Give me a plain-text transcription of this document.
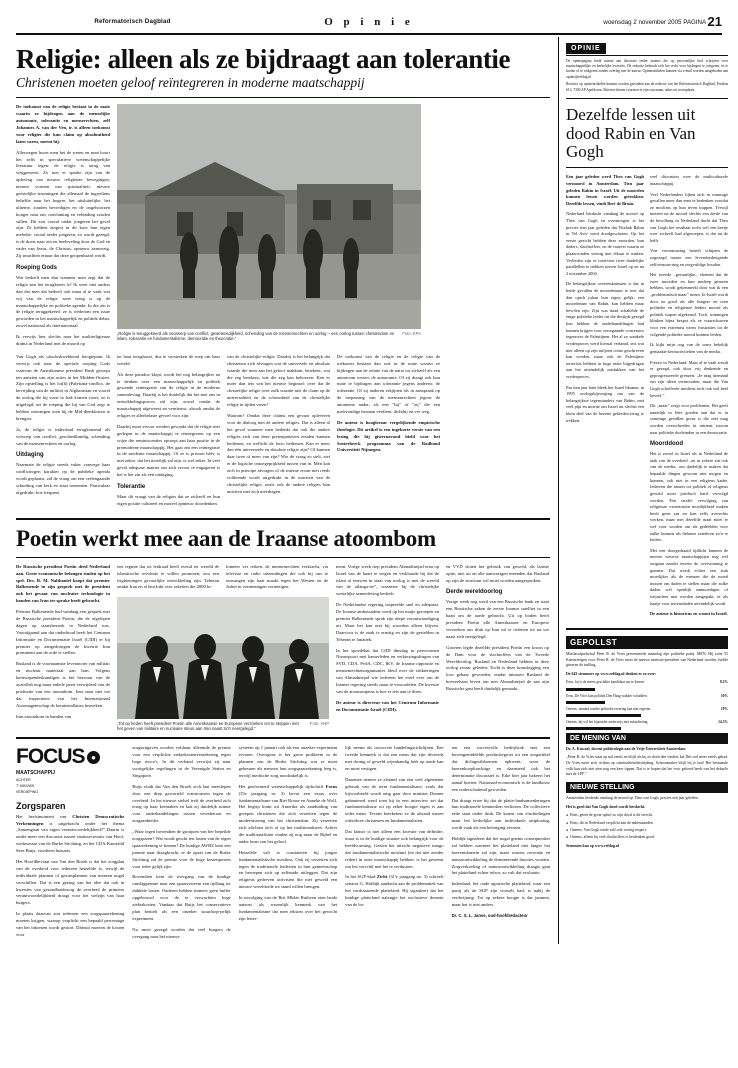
Reformatorisch Dagblad	O p i n i e	woensdag 2 november 2005 PAGINA 21
Religie: alleen als ze bijdraagt aan tolerantie
Christenen moeten geloof reïntegreren in moderne maatschappij

De toekomst van de religie bestaat in de mate waarin ze bijdragen aan de menselijke autonomie, tolerantie en menserechten, zelf Johannes A. van der Ven, ir. is alleen toekomst voor religies die kun claim op absoluutheid laten varen, meent hij.

Allerwegen hoort men het de weten en men hoort het zelfs in speculatieve wetenschappelijke literatuur tegen: de religie is terug van weggeweest. Zo non er sprake zijn van de opleving van nieuwe religieuze bewegingen, nieuwe vormen van spiritualiteit, nieuwe geestelijke stromingen die allemaal de ingrediens behelfte naar het hogere, het uitsluitelijke, het ultieme, zouden bevredigen en de ongehoorzen honger naar zin, ontvlaming en vebinding zouden stillen. Dit zou vooral onder jongeren het geval zijn. Ze hebben zingest in dit koor hun eigen melodie: vooral onder jongeren, zo wordt gezegd, is de doest naar zin en beeleveling door de God en vader van Jezus, de Christus, opnieuw aanwezig. Zij smachten ernaar dat deze geopenbaard wordt.

Roeping Gods

Wat bedoelt men dan wanneer men zegt dat de religie aan het terugkeren is? Ik weet niet anders dan dat men dat bedoelt ook maar al te vaak wat wij van de religie weer terug is op de maatschappelijke en politieke agenda. In die zin is de religie teruggekeerd: ze is wederom een issue geworden in het maatschappelijk en politiek debat, zowel nationaal als internationaal.

Ik verwijs hier slechts naar het multireligieuze drama in Nederland met de moord op

„Religie is teruggekeerd als voorwerp van conflict, gewetensdijkheid, schending van de mensenrechten en oorlog – een oorlog tussen christendom en islam, tolerantie en fundamentalisme, democratie en theocratie.”
Foto: EPA

Van Gogh als uitschrikwekkend hoogtepunt. Ik verwijs ook naar de speciale roeping Gods waarvan de Amerikaanse president Bush geroept ten aanzien van zijn acties in het Midden-Oosten. Zijn opstelling is het lot(h) (Palestina-conflict, de bevrijding van de militia) in Afghanistan en vooral de oorlog die hij voert in Irak komen voort, zo is uitgelegd, uit de roeping die hij van God zegt te hebben ontvangen toen hij de Mid-dienklosten te brengen.

Ja, de religie is inderdaad terugkomend als vorwerp van conflict, geschiedkundig, schending van de mensenrechten en oorlog.

Uitdaging

Naarmate de religie steeds vaker vanwege haar conflictrogen karakter op de publieke agenda wordt geplaatst, zal de vraag om een verlengaande schuiding van kerk en staat toenemen. Particulaar afgedrukt: hoe frequent

ter haar terughoort, dus te versterken de roep om haar wereld.

Als deze paradox klopt, wordt het nog belangrijker na te denken over een maatschappelijk en politiek gewande reintegratie van de religie in de moderne samenleving. Daarbij is het duidelijk dat het met ons in ontwikkelingsproces zal zijn, zowel omdat de maatschappij afgeweest en vernieuwt, alsook omdat de religies er allerbelaste gevoel voor zijn.

Daarbij moet ervoor worden gewaakt dat de religie niet gedegen in de maatschappij te reintegreren op een wijze die reminiscenties oproept aan haar positie in de premoderne maatschappij. Het gaat om een reintegratie in de moderne maatschappij. Of ze is prisoon héér, is niet zeker: dat het moeilijk zal zijn, is wel zeker. In veel geval adequate manier om zich ervoor te engageren is het is het zin als een uitdaging.

Tolerantie

Maar dit vraagt van de religies dat ze zichzelf en hun eigen positie cultureel en moreel opnieuw doordenken.

van de christelijke religie. Daarbij is het belangrijk dat christenen zich afvragen wat de universele en absolute waarde die men aan het geloof makkent, betekent, wat die zeg betekent, wat die zeg kan behoeven. Ken er moer dan iets van het nieuwe beginsel: over dat de christelijke religie over zulk waarde niet de claim op de universaliteit en de schoonheid van de christelijke religie in tijden varen?

Waarom? Omdat deze claims een gevaar opleveren voor de dialoog met de andere religies. Dat is alleen al het geval wanneer men bedenkt dat ook die andere religies zich van deze pretenpatieven zouden kunnen bedienen, en wellicht de facto bedienen. Kan er meer dan één universeele en absolute religie zijn? Of kunnen daar twee of meer van zijn? Wie de vraag zo stelt, ziet er de logische ontoegeprijkheid tussen van in. Men kan zich in principe afvragen of de interne ervan niet reeds voldoende wordt uitgedrukt in de uniciteit van de christelijke religie, zoals ook de andere religies hún uniciteit met zich meedragen.

De toekomst van de religie en de religie van de toekomst bestaan dan ook in de mate waarin ze bijdragen aan de relatie van de natio tot zichzelf als een autonoom wezen: de autonomie. Of zij draagt ook hun mate te bijdragen aan tolerantie jegens anderen: de tolerantie. Of zij anderen erkjijnen als in aanspraak op de toepassing van de mensenrechten jegens de anonieme ander, als een "hij" of "zij" die een metrvoudige bestaan verdient, dichtbij en ver weg.

De auteur is hoogleraar vergelijkende empirische theologie. Dit artikel is een ingekorte versie van een lezing die hij gisternavond hield voor het Soeterbeeck programma van de Radboud Universiteit Nijmegen.

Poetin werkt mee aan de Iraanse atoombom

De Russische president Poetin deed Nederland aan. Grote economische belangen sinden op het spel. Drs. R. M. Nalthaniel koopt dat premier Balkenende in zijn gesprek met de president ook het gevaar van nucleaire technologie in handen van Iran ter sprake heeft gebracht.

Premier Balkenende had vandaag een gesprek met de Russische president Poetin, die de afgelopen dagen op staatsbezoek in Nederland was. Voorafgaand aan dat onderhoud heeft het Centrum Informatie en Documentatie Israël (CIDI) er bij premier op aangedrongen de kwestie Iran prominent aan de orde te stellen.

Rusland is de voornaamste leverancier van militair en nucleair materiaal aan Iran. Volgens kernwapendeskundigen is het bezwaar van de ayatollah nog maar enkele jaren verwijderd van de productie van een atoombom. Iran staat niet toe dat inspecteurs van het Internationaal Atoomagentschap de kerninstallaties bezoeken.

Iran atoombom in handen van

een regime dat tot leidraad heeft overal ter wereld de islamitische revolutie te willen promoten, zou een frighteningen gevaarlijke ontwikkeling zijn. Teheran omdat Iran en al beschikt over raketten die 2000 ki-

lometer ver reiken, de mensenrechten verkracht, via televisie en radio uitzendingen die ook bij ons te ontvangen zijn haat maakt tegen het Westen en de Joden in vermeningen vernietigen.

„Tot op heden heeft president Poetin alle Amerikaanse en Europese verzoeken om te stoppen met het geven van militaire en nucleaire steun aan Iran naast zich neergelegd.”
Foto: ANP

ment. Vorige week riep president Ahmadinejad erna op Israel van de kaart te wegen en verklaarde hij dat de islam al eeuwen in staat van oorlog is met de wereld van de atlanga-tie”, waarmee hij de christelijke westelijke samenleving bedoelt.

De Nederlandse regering inspreelde snel en adequaat. De Iraanse ambassadeur werd op het matje geroepen en premier Balkenende sprak zijn diepe verontwaardiging uit. Maar het kan niet bij woorden alleen blijven. Daarvoor is de zaak te ernstig en zijn de gestelden in Teheran te fanatiek.

In het spoedebat dat CIDI dinsdag in persvormen Nieuwpoort met kamerleden en verkiezingsdrugen van SVD, CDA, PvdA, CDC, IKV, de Iraanse oppositie en mensenrechtenorganisaties bleid over de strikteringen van Ahmadinejad wie iedereen het ereel over om de Iraanse regering steeds maar te veroordelen. De kwestie van de atoomwapens is hoe er iets aan te doen.

De auteur is directeur van het Centrum Informatie en Documentatie Israël (CIDI).

en VVD sloten het gebruik van geweld, als laatste optie, niet uit en alle aanwezigen meenden dat Rusland op zijn de structuur wil moet worden aangesproken.

Derde wereldoorlog

Vorige week nog werd van een Russische bank en staat een Russische zaken de eerste Iraanse satelliet in een baan om de aarde gebracht. Uit op boden heeft president Poetin alle Amerikaanse en Europese verzoeken om druk op Iran uit te oefenen tot nu toe naast zich neergelegd.

Gisteren legde dezelfde president Poetin een kroon op de Dam voor de slachtoffers van de Tweede Wereldoorlog. Rusland en Nederland hebben in deze oorlog zwaar geleden. Tocht is deze kranslegging een loos gebaar geworden, omdat intussen Rusland de hoeveelsten levert om met Ahmadinejad de aan zijn Russische gast heeft duidelijk gemaakt.

FOCUS ●
MAATSCHAPPIJ
ACHTER
’T NIEUWS
VERDIEPING
Zorgsparen

Het herfstmoment van Christen Democratische Verkenningen is uitgebracht onder het thema „Samengaan van eigen verantwoordelijkheid?” Daarin is onder meer een discussie tussen staatssecretaris van Hoof, weduwnaar van de Burke Stichting, en het CDA-Kamerlid Sees Buijs, voorheen huisarts.

Het Hoofdbevraat van Van den Broek is dat het zorgplan van de overheid voor iedereen hetzelfde is, terwijl de individuale plannen of gezinsplannen van mensen nogal verschillen. Dat is een gezing van het idee dat ook in kwesties van gezondheidszorg de overheid de primaire verantwoordelijkheid draagt voor het welzijn van haar burgers.

In plaats daarvan zou iedereen een zorgspaarrekening moeten krijgen, waarop verplicht een bepaald percentage van het inkomen wordt gestort. Dááruit moeten de kosten voor

zorgsuitgaven worden voldaan, alleemde de premie voor een verplichte ziektekostenverzekering tegen hoge risico's. In dit verband verwijst zij naar soortgelijke regelingen in de Verenigde Staten en Singapore.

Buijs vindt dat Van den Broek zich laat meeslepen door een diep geworteld wantrouwen tegen de overheid. In het nieuwe stelsel treft de overheid zich terug op haar kerntaken en laat zij duidelijk ruimte voor onderhandelingen tussen verzekeraar en zorgaanbieder.

„Waar tegen bovendien de gronjoen van her bepeilde zorgsparen? Wat wordt gescht ten lasten van de eigen spaarrekening te komen? De huidige AWBZ kent een premie naar draagkracht, er de opzet van de Burke Stichting zal de premie voor de hoge kostenposten voor ieder gelijk zijn.

Bovendien kent de overgang van de huidige omslagpremie naar een spaarsysteem een tijdlang tot dubbele lasten. Ouderen hebben immers geen buffer opgebouwd voor de te verwachten hoge ziektekosten. Vandaar dat Buijs het conservatieve plan betitelt als een onzeker stuurloop-pelijk experiment.

Nu moet gezegd worden dat veel burgers de overgang naar het nieuwe

systeem op 1 januari ook als een onzeker experiment ervaren. Overigens is het grote probleem in de plannen van de Burke Stichting wat er moet gebeuren als mensen hun zorgspaarrekening leeg is, terwijl medische zorg noodzakelijk is.

Het geoformerd wetenschappelijk tijdschrift Focus (3'le jaargang nr. 3) bevat een essay over fundamentalisme van Riet Rouse en Anneke de Wolf. Het begrip komt uit Amerika als aanduiding van groepen christenen die zich verzetten tegen de modernisering van het christendom. Zij verzetten zich afichten zich af op het traditionalisten. Achter die traditionalisten vinden zij nog maar de Bijbel en ander bron van het geloof.

Hetzelfde valt te constateren bij jongse fundamentalistische moslims. Ook zij verzetten zich tegen de traditionele leidesten in hun gemeenschap en beroepen zich op zelfmade uitleggen. Dat zijn religieus gedreven activisten die met geweld een nieuwe wereldorde tot stand willen brengen.

In navolging van de Brit Mkkie Ruthven zien beide auteurs als wezenlijk kenmerk van het fundamentalisme dat men teksten over het gewicht zijn letter-

lijk neemt als oncocrete handelingsrichtlijnen. Een tweede kenmerk is dat een mens dat zijn decreeds met dwang of geweld wijenhandig héér op aarde kan en moet vestigen.

Daarmee nemen ze afstand van een veel algemener gebruik van de term fundamentalisme, zoals dat bijvoorbeeld wordt omg gaar door minister Donner gehanteerd werd toen hij in een interview zei dat fundamentalisme tot op zeker hoogte eigen is aan ieder mens. Tevens betekenen ze de afstand tussen orthodoxe christenen en fundamentalisten.

Dat laatste is niet alleen een kwestie van definitie, maar is in de huidige situatie ook belangrijk voor de beeldvorming. Gezien het uitzicht negatieve imago dat fundamentalistische moslims (en dat niet zonder reden) in onze maatschappij hebben, is het gewenst om het verschil met het te verduuren.

In het SGP-blad Zicht (31'e jaargang no. 3) schreeft senator G. Holdijk aandacht aan de problematiek van het verdraaizende platteland. Hij signaleert dat het huidige platteland nalangje het exclusieve domein van de bo-

ren een succesvolle bedrijfstak met een bovengemiddelde productiegroei tot een zorgartikel dat dichtgestbloemen opkwent, waar de boerenkoopkrachtige en daarmeed ook het determinatie discussief is. Etke hier jaar hakeert het aantal boeren. Nationaal-economisch is de landbouw een onderschattend geworden.

Dat draagt ertoe bij dat de platte-landsamenleringen hun traditionele kenmerken verliezen. De collectieve zede staat onder druk. De komst van vluchtelingen maar het kerkelijke aan individuele ontplooing, wordt vaak als een belonging ervaren.

Holdijk signaleert dat het nogal gnems consequenties zal hebben wanneer het platteland niet langer het boerenidomein zal zijn, maar wonen, recreatie en natuurontwikkeling de dominerende functies worden. Zorgverkoeling of natuurontwikkeling draagts gaat het platteland echter telsor, zo valt dat evoluatie.

Inderdaad, het oude agrarische platteland, waar een partij als de SGP zijn worsels had, is nabij de verdwijning. Tot op zekere hoogte is dat jammer, maar het is niet anders.

Dr. C. S. L. Janse, oud-hoofdredacteur

OPINIE

De opiniepagina biedt ruimte aan discussie onder auteurs die op persoonlijke titel schrijven over maatschappelijke en kerkelijke kwesties. De redactie behoudt zich het recht voor bijdragen te weigeren, in te korten of te redigeren zonder overleg met de auteur. Opinieartikelen kunnen via e-mail worden aangeboden aan opinie@refdag.nl

Reacties op opinieartikelen kunnen worden gezonden aan de redactie van het Reformatorisch Dagblad, Postbus 613, 7300 AP Apeldoorn. Brieven dienen voorzien te zijn van naam, adres en woonplaats.

Dezelfde lessen uit dood Rabin en Van Gogh

Een jaar geleden werd Theo van Gogh vermoord in Amsterdam. Tien jaar geleden Rabin in Israël. Uit de moorden kunnen lessen worden getrokken. Dezelfde lessen, vindt Bert de Bruin.

Nederland herdacht vandaag de moord op Theo van Gogh en overmorgen is het precies tien jaar geleden dat Yitzhak Rabin in Tel Aviv werd doodgeschoten. Op het eerste gezicht hebben deze moorden, hun daders, slachtoffers, en de context waarin ze plaatsvonden weinig met elkaar te maken. Verleiden zijn er toen-tens twee duidelijke parallellen te trekken tussen Israel op en na 2 november 2004.

De belangrijkste overeenkomsten is dat in beide gevallen de moordenaars te roer dat den opich julian hun eigen gelijk: een moordenaar van Rabin, kan hebben maar bevolen zijn. Zijn was daad schakelde de enige politieke leider uit die destijds gezegd kon hebben de onderhandelingen had kunnen krijgen voor verregaande concessies tegenover de Palestijnen. Het al zo wankele vredesproces werd hierual verlamd, iets wat niet alleen op zijn miljoen conto geschreven kan worden, maar ook de Palestijnse terrorists hebben in hoge mate bijgedragen aan het uiteindelijk mislukken van het vredesproces.

Pas tien jaar later bleek het Israel bkamer, in 1995 oorlogsbijvoeging om van de belangrijkste tegenstanders van Rabin, met veel pijn en moeite om Israel uit slechts een klein deel van de bezette gebieden terug te trekken.

veel discussies over de multiculturele maatschappij.

Veel Nederlanders lijken zich in sommige gevallen meer dan eens te bedenken voordat ze moslims op hun teven trappen. Terwijl meteen na de moord slechts een derde van de bevolking in Nederland dacht dat Theo van Gogh het resultaat tocht wel een beetje over zichzelf had afgeroepen, is dat nu de helft.

Vorr verontrusting betreft schijnen de zogezegd tussen een levensbedreigende zelfcensuur-ring en zorgvuldige houden.

Het tweede –gevaarlijke– element dat de twee moorden en hun nasleep gemeen hebben, wordt gekenmerkt door wat ik een „problematisch maar” noem. In Israël wordt door zo goed als alle burgers en toen politieke en religieuze leiders moord als politiek wapen afgekeurd. Toch, sommigen klinken bijna bespot als ze waarschuwen voor een extremist wiens frustraties tot de volgende politieke moord kunnen leiden.

Ik kijkt mijn oog van de soms hekelijk gemaakte kernactiviteiten van de media.

Freezo in Nederland. Maar al te vaak wordt er gezegd, ook door vrij denkende en geprogresseerde grenzen: „Je mag niemand om zijn ideen vermoorden, maar die Van Gogh schofferde moslims toch ook wel heel heveel.”

Dit „maar” zorgt voor problemen. Het geeft namelijk in feite goeden aan dat er in sommige gevallen grens is die niet mag worden overschreden in intranst stroom naar politieke doeleinden in een democratie.

Moorddood

Het is zowel in Israel als in Nederland de taak van de overheid –en in zekere zin ook van de media– om duidelijk te maken dat bepaalde dingen gewoon niet mogen en kunnen, ook niet in een religieus kader. Iedereen die aanzet tot politiek of religieus geweld moet juridisch hard vervolgd worden. Een straffe vervolging van religieuze extremisten moeilijkheid maken heeft geen zin en kan zelfs averechts werken, maar met dezelfde maat moet er wel voor worden om als gedeelden voor zulke kunnen als dehasse zonderen zo'n er leiden.

Met een doorgedraaid tijdlicht kunnen de meeste weterse maatschappijen nog wel omgaan zonder terreur de overwinning te gunnen. Dat wordt echter een stuk moeilijker als de mensen die de moed missen om daden te stellen maar die zulke daden wel openlijk aanmoedigen of toejuichen niet worden aangepakt, of als haatje voor terreurdaden uiteindelijk wordt.

De auteur is historicus en woont in Israël.

GEPOLLST
Minilasafparlschal Peter R. de Vries presenteerde maandag zijn politieke partij. MEN: Hij zicht 55 Kamerzetgen voor. Peter R. de Vries moet de nieuwe minister-president van Nederland worden, luidde gisteren de stelling.
De 643 stemmers op www.refdag.nl denken er zo over:
Eens, hij is de meest geschikte kandidaat om te kiezen.	8.2%
Eens, De Vries kan politiek Den Haag wakker schudden.	10%
Oneens, iemand zonder politieke ervaring kan niet regeren.	19%
Oneens, hij wil het bijzonder onderwijs met subsidiering.	14.5%
DE MENING VAN
Dr. A. Kuwael, docent politicologie aan de Vrije Universiteit Amsterdam
„Peter R. de Vries staat op nul zetels en blijft als bij zo doen den vinden, kal Dtit wel meer zetels gehad. De Vries moet zich richten op criminaliteitsbestrijding. Schoonmaker blijft hij je laat! Het bestaande volk kan zich niet zien nog een keer tippen. Dat is te hopen dat het voor geloerd heeft van het debacle met de LPF.”
NIEUWE STELLING
Amsterdam herdenkt vandaag de moord op Theo van Gogh, precies een jaar geleden.
Het is goed dat Van Gogh dood wordt herdacht.
● Eens, geten de grote opbof zo zijn dood is dit terecht.
● Eens, dit in Nederland verplicht aan de nabestaanden.
● Oneens, Van Gogh tonde zelf ook weinig respect.
● Oneens, alleen bij veel slachtoffers is herdenken goed.
Stemmen kan op www.refdag.nl
